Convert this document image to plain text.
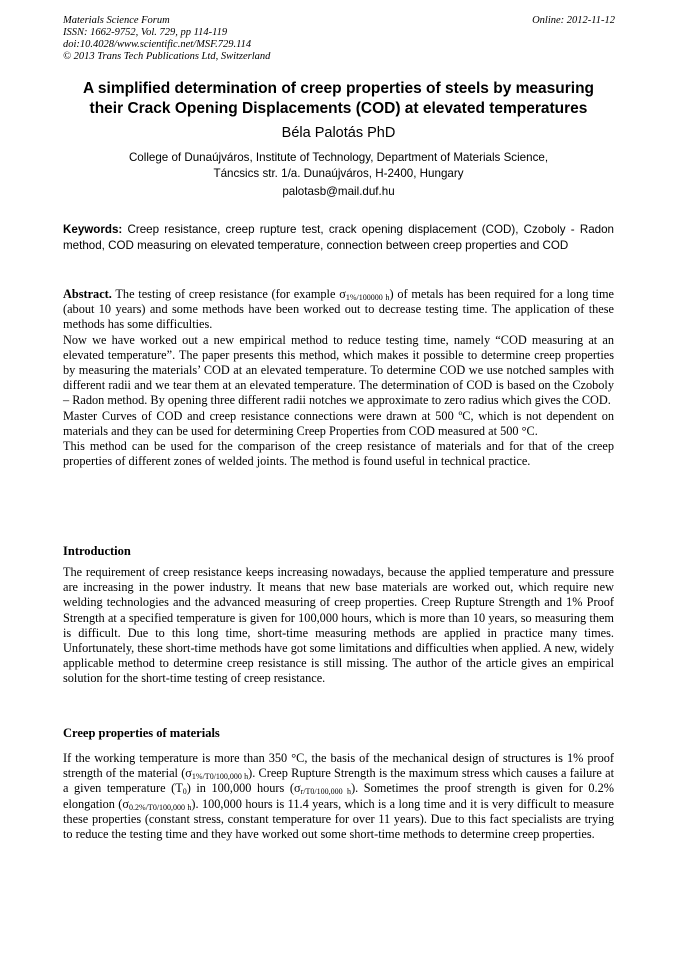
Materials Science Forum
ISSN: 1662-9752, Vol. 729, pp 114-119
doi:10.4028/www.scientific.net/MSF.729.114
© 2013 Trans Tech Publications Ltd, Switzerland
Online: 2012-11-12
A simplified determination of creep properties of steels by measuring
their Crack Opening Displacements (COD) at elevated temperatures
Béla Palotás PhD
College of Dunaújváros, Institute of Technology, Department of Materials Science,
Táncsics str. 1/a. Dunaújváros, H-2400, Hungary
palotasb@mail.duf.hu
Keywords: Creep resistance, creep rupture test, crack opening displacement (COD), Czoboly - Radon method, COD measuring on elevated temperature, connection between creep properties and COD

Abstract. The testing of creep resistance (for example $\sigma_{1\%/100000 h}$) of metals has been required for a long time (about 10 years) and some methods have been worked out to decrease testing time. The application of these methods has some difficulties.

Now we have worked out a new empirical method to reduce testing time, namely “COD measuring at an elevated temperature”. The paper presents this method, which makes it possible to determine creep properties by measuring the materials’ COD at an elevated temperature. To determine COD we use notched samples with different radii and we tear them at an elevated temperature. The determination of COD is based on the Czoboly – Radon method. By opening three different radii notches we approximate to zero radius which gives the COD.

Master Curves of COD and creep resistance connections were drawn at 500 ºC, which is not dependent on materials and they can be used for determining Creep Properties from COD measured at 500 °C.

This method can be used for the comparison of the creep resistance of materials and for that of the creep properties of different zones of welded joints. The method is found useful in technical practice.

Introduction

The requirement of creep resistance keeps increasing nowadays, because the applied temperature and pressure are increasing in the power industry. It means that new base materials are worked out, which require new welding technologies and the advanced measuring of creep properties. Creep Rupture Strength and 1% Proof Strength at a specified temperature is given for 100,000 hours, which is more than 10 years, so measuring them is difficult. Due to this long time, short-time measuring methods are applied in practice many times. Unfortunately, these short-time methods have got some limitations and difficulties when applied. A new, widely applicable method to determine creep resistance is still missing. The author of the article gives an empirical solution for the short-time testing of creep resistance.

Creep properties of materials

If the working temperature is more than 350 °C, the basis of the mechanical design of structures is 1% proof strength of the material $(\sigma_{1\%/T0/100,000 h})$. Creep Rupture Strength is the maximum stress which causes a failure at a given temperature $(T_0)$ in 100,000 hours $(\sigma_{r/T0/100,000 h})$. Sometimes the proof strength is given for 0.2% elongation $(\sigma_{0.2\%/T0/100,000 h})$. 100,000 hours is 11.4 years, which is a long time and it is very difficult to measure these properties (constant stress, constant temperature for over 11 years). Due to this fact specialists are trying to reduce the testing time and they have worked out some short-time methods to determine creep properties.
